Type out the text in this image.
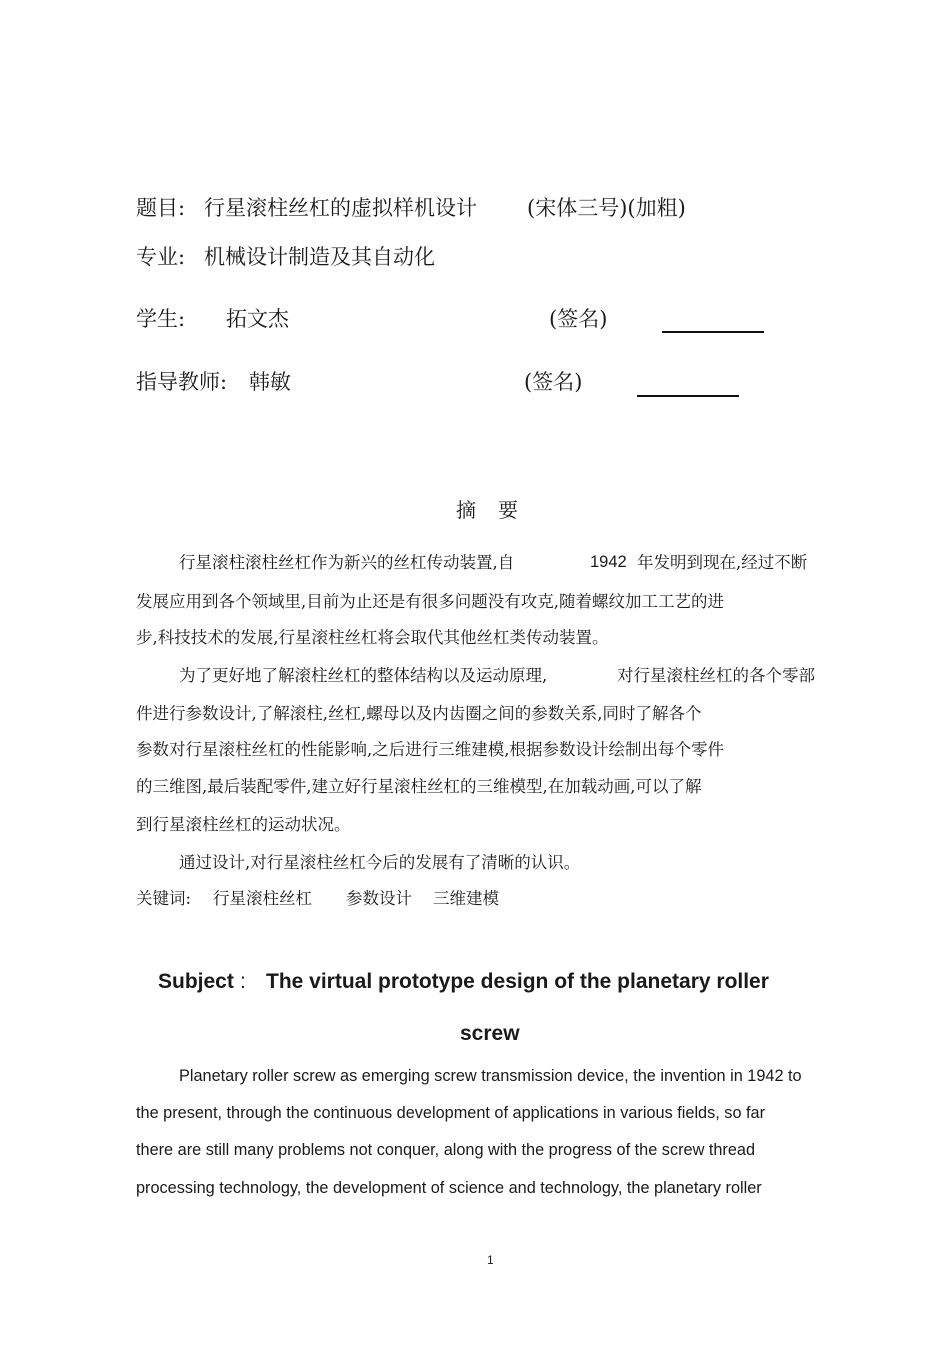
题目: 行星滚柱丝杠的虚拟样机设计 (宋体三号)(加粗)
专业: 机械设计制造及其自动化
学生: 拓文杰	(签名)
指导教师: 韩敏	(签名)
摘要
行星滚柱滚柱丝杠作为新兴的丝杠传动装置,自	1942 年发明到现在,经过不断
发展应用到各个领域里,目前为止还是有很多问题没有攻克,随着螺纹加工工艺的进
步,科技技术的发展,行星滚柱丝杠将会取代其他丝杠类传动装置。
为了更好地了解滚柱丝杠的整体结构以及运动原理,	对行星滚柱丝杠的各个零部
件进行参数设计,了解滚柱,丝杠,螺母以及内齿圈之间的参数关系,同时了解各个
参数对行星滚柱丝杠的性能影响,之后进行三维建模,根据参数设计绘制出每个零件
的三维图,最后装配零件,建立好行星滚柱丝杠的三维模型,在加载动画,可以了解
到行星滚柱丝杠的运动状况。
通过设计,对行星滚柱丝杠今后的发展有了清晰的认识。
关键词: 行星滚柱丝杠 参数设计 三维建模
Subject : The virtual prototype design of the planetary roller
screw
Planetary roller screw as emerging screw transmission device, the invention in 1942 to
the present, through the continuous development of applications in various fields, so far
there are still many problems not conquer, along with the progress of the screw thread
processing technology, the development of science and technology, the planetary roller
1
